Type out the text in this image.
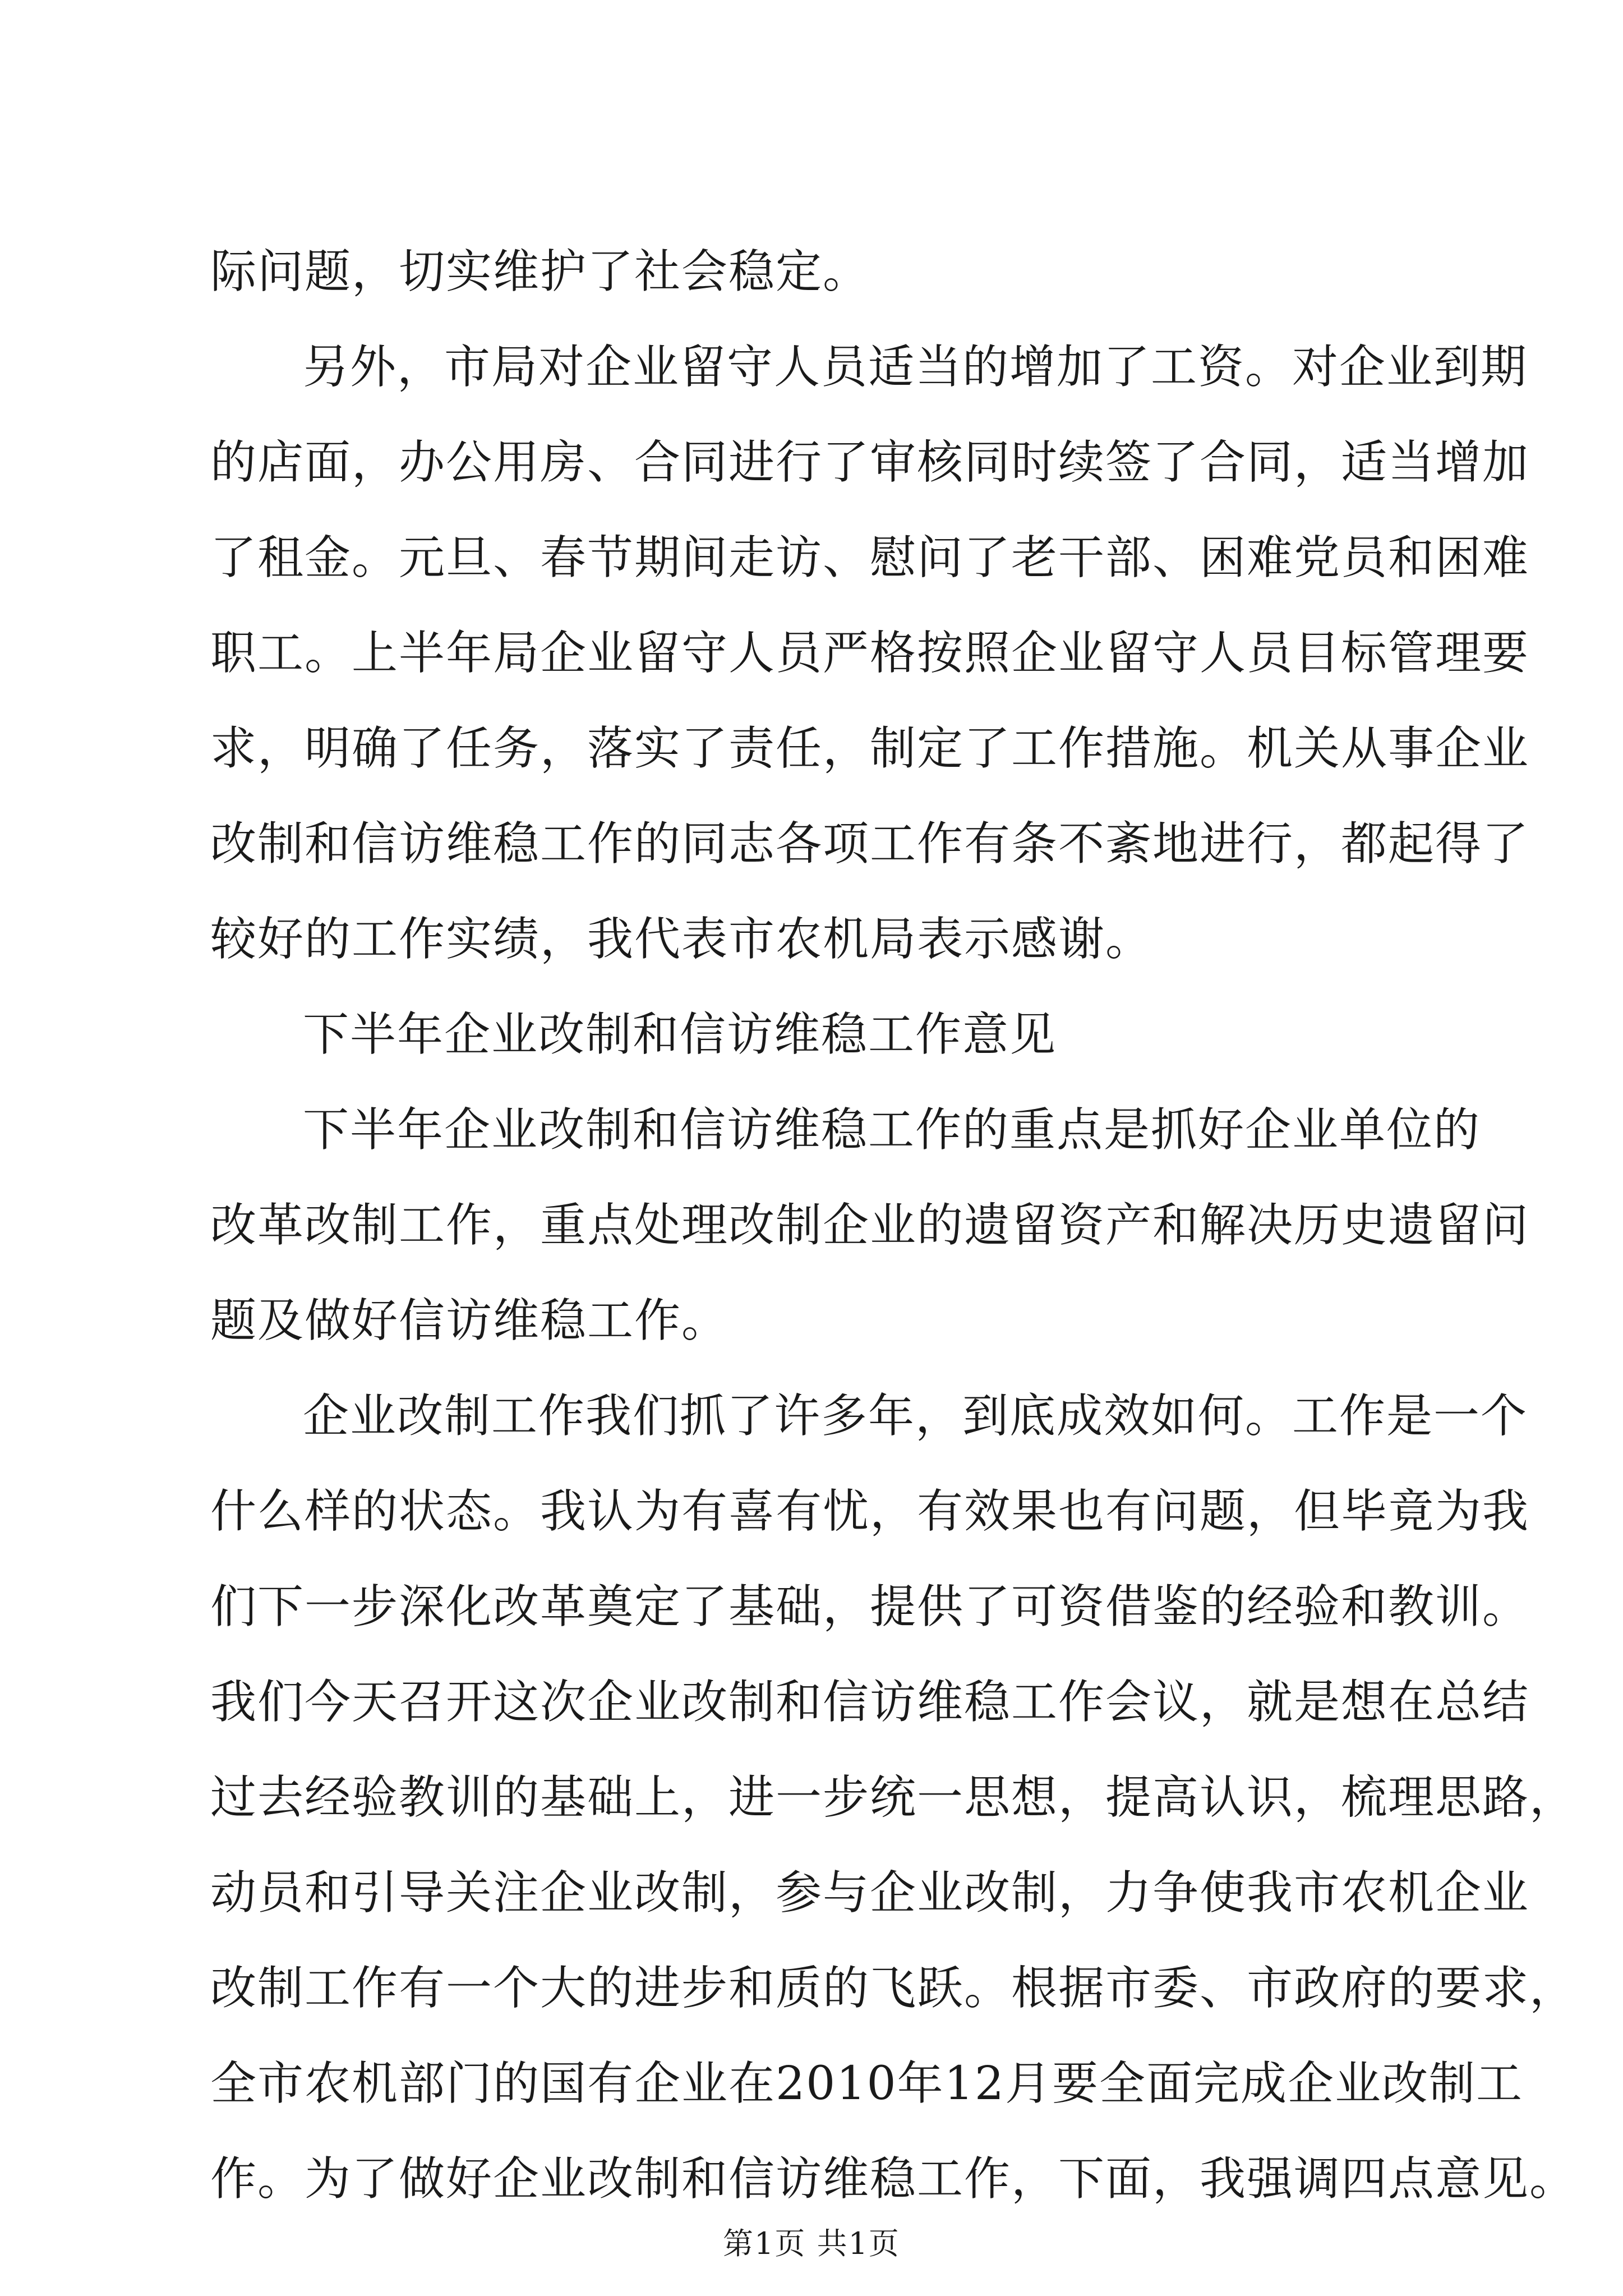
际问题，切实维护了社会稳定。
另外，市局对企业留守人员适当的增加了工资。对企业到期
的店面，办公用房、合同进行了审核同时续签了合同，适当增加
了租金。元旦、春节期间走访、慰问了老干部、困难党员和困难
职工。上半年局企业留守人员严格按照企业留守人员目标管理要
求，明确了任务，落实了责任，制定了工作措施。机关从事企业
改制和信访维稳工作的同志各项工作有条不紊地进行，都起得了
较好的工作实绩，我代表市农机局表示感谢。
下半年企业改制和信访维稳工作意见
下半年企业改制和信访维稳工作的重点是抓好企业单位的
改革改制工作，重点处理改制企业的遗留资产和解决历史遗留问
题及做好信访维稳工作。
企业改制工作我们抓了许多年，到底成效如何。工作是一个
什么样的状态。我认为有喜有忧，有效果也有问题，但毕竟为我
们下一步深化改革奠定了基础，提供了可资借鉴的经验和教训。
我们今天召开这次企业改制和信访维稳工作会议，就是想在总结
过去经验教训的基础上，进一步统一思想，提高认识，梳理思路，
动员和引导关注企业改制，参与企业改制，力争使我市农机企业
改制工作有一个大的进步和质的飞跃。根据市委、市政府的要求，
全市农机部门的国有企业在2010年12月要全面完成企业改制工
作。为了做好企业改制和信访维稳工作，下面，我强调四点意见。
第1页 共1页
